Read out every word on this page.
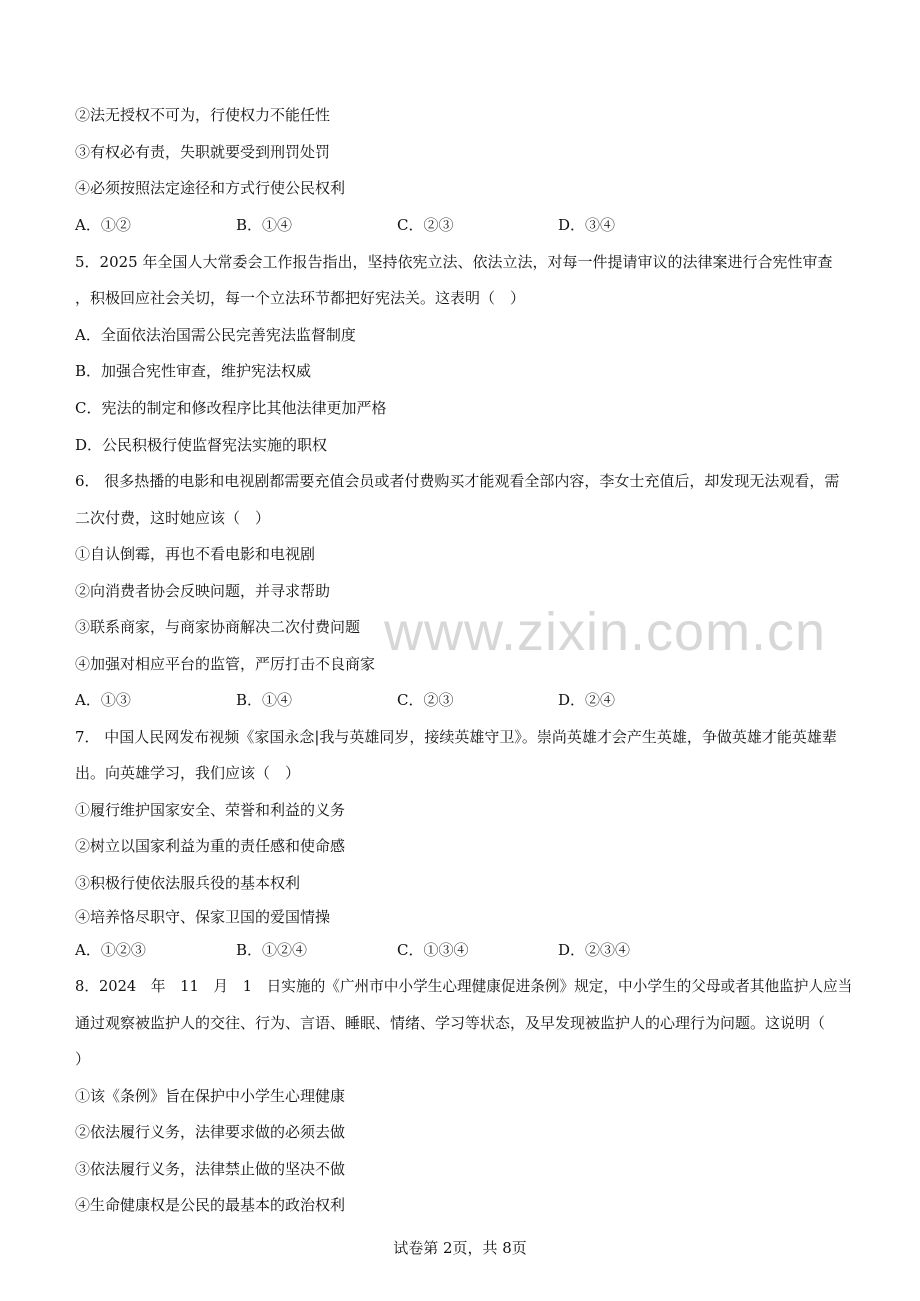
②法无授权不可为，行使权力不能任性
③有权必有责，失职就要受到刑罚处罚
④必须按照法定途径和方式行使公民权利
A．①②	B．①④	C．②③	D．③④
5．2025 年全国人大常委会工作报告指出，坚持依宪立法、依法立法，对每一件提请审议的法律案进行合宪性审查
，积极回应社会关切，每一个立法环节都把好宪法关。这表明（　）
A．全面依法治国需公民完善宪法监督制度
B．加强合宪性审查，维护宪法权威
C．宪法的制定和修改程序比其他法律更加严格
D．公民积极行使监督宪法实施的职权
6． 很多热播的电影和电视剧都需要充值会员或者付费购买才能观看全部内容，李女士充值后，却发现无法观看，需
二次付费，这时她应该（　）
①自认倒霉，再也不看电影和电视剧
②向消费者协会反映问题，并寻求帮助
③联系商家，与商家协商解决二次付费问题
④加强对相应平台的监管，严厉打击不良商家
A．①③	B．①④	C．②③	D．②④
7． 中国人民网发布视频《家国永念|我与英雄同岁，接续英雄守卫》。崇尚英雄才会产生英雄，争做英雄才能英雄辈
出。向英雄学习，我们应该（　）
①履行维护国家安全、荣誉和利益的义务
②树立以国家利益为重的责任感和使命感
③积极行使依法服兵役的基本权利
④培养恪尽职守、保家卫国的爱国情操
A．①②③	B．①②④	C．①③④	D．②③④
8．2024　年　11　月　1　日实施的《广州市中小学生心理健康促进条例》规定，中小学生的父母或者其他监护人应当
通过观察被监护人的交往、行为、言语、睡眠、情绪、学习等状态，及早发现被监护人的心理行为问题。这说明（
）
①该《条例》旨在保护中小学生心理健康
②依法履行义务，法律要求做的必须去做
③依法履行义务，法律禁止做的坚决不做
④生命健康权是公民的最基本的政治权利
www.zixin.com.cn
试卷第 2页，共 8页
